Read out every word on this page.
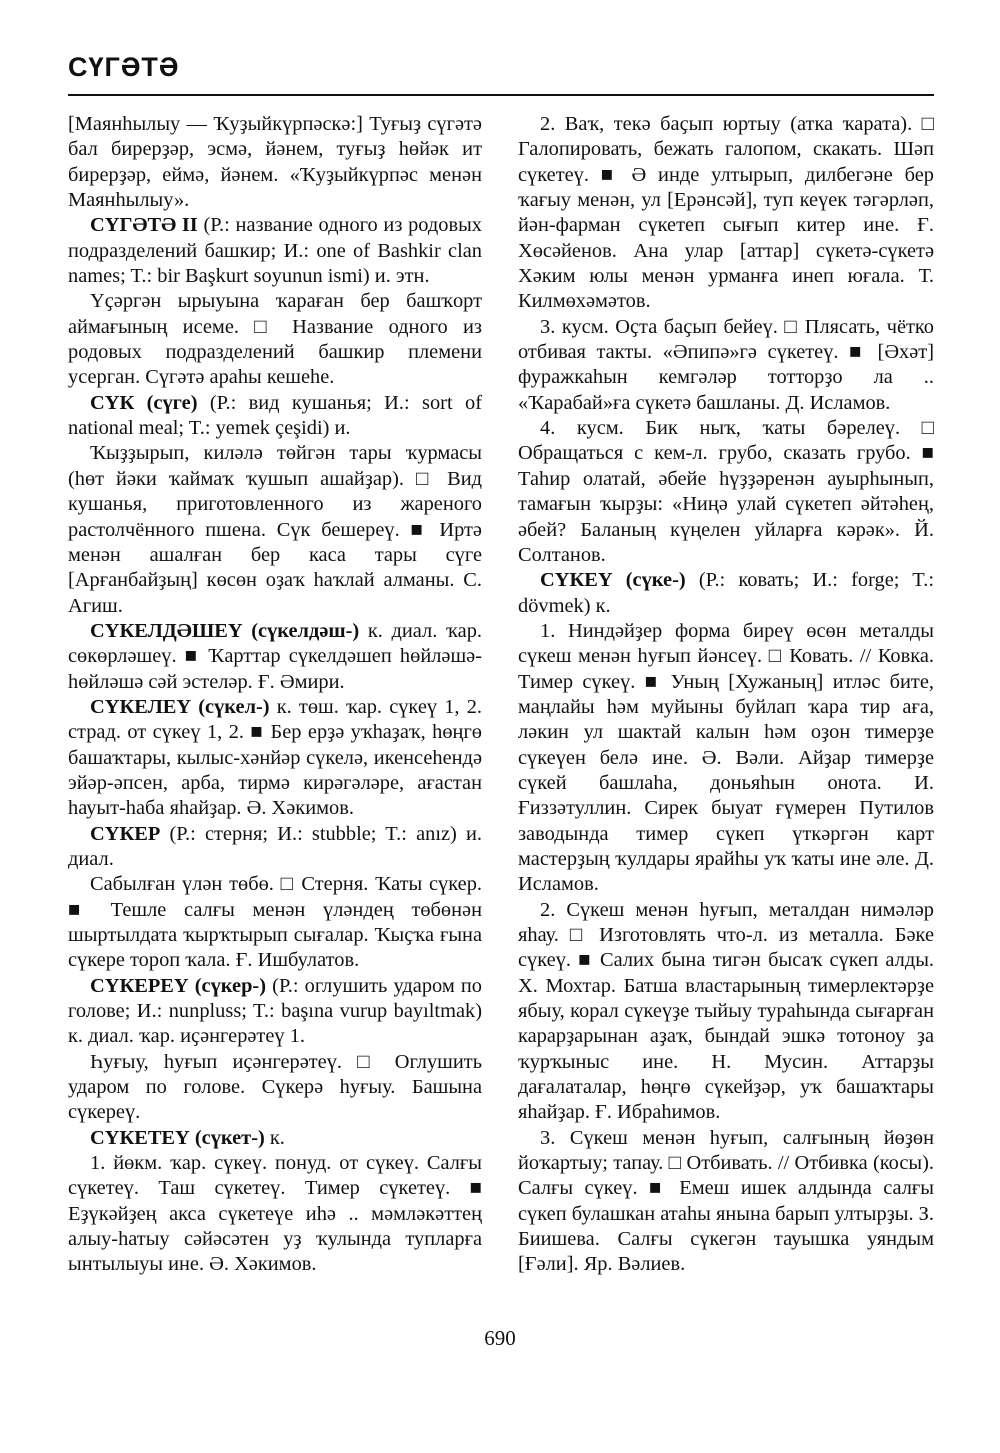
СҮГӘТӘ

[Маянһылыу — Ҡуҙыйкүрпәскә:] Туғыҙ сүгәтә бал бирерҙәр, эсмә, йәнем, туғыҙ һөйәк ит бирерҙәр, еймә, йәнем. «Ҡуҙыйкүрпәс менән Маянһылыу».

СҮГӘТӘ II (Р.: название одного из родовых подразделений башкир; И.: one of Bashkir clan names; T.: bir Başkurt soyunun ismi) и. этн.

Үҫәргән ырыуына ҡараған бер башҡорт аймағының исеме. □ Название одного из родовых подразделений башкир племени усерган. Сүгәтә араһы кешеһе.

СҮК (сүге) (Р.: вид кушанья; И.: sort of national meal; T.: yemek çeşidi) и.

Ҡыҙҙырып, киләлә төйгән тары ҡурмасы (һөт йәки ҡаймаҡ ҡушып ашайҙар). □ Вид кушанья, приготовленного из жареного растолчённого пшена. Сүк бешереү. ■ Иртә менән ашалған бер каса тары сүге [Арғанбайҙың] көсөн оҙаҡ һаҡлай алманы. С. Агиш.

СҮКЕЛДӘШЕҮ (сүкелдәш-) к. диал. ҡар. сөкөрләшеү. ■ Ҡарттар сүкелдәшеп һөйләшә-һөйләшә сәй эстеләр. Ғ. Әмири.

СҮКЕЛЕҮ (сүкел-) к. төш. ҡар. сүкеү 1, 2. страд. от сүкеү 1, 2. ■ Бер ерҙә уҡһаҙаҡ, һөңгө башаҡтары, кылыс-хәнйәр сүкелә, икенсеһендә эйәр-әпсен, арба, тирмә кирәгәләре, ағастан һауыт-һаба яһайҙар. Ә. Хәкимов.

СҮКЕР (Р.: стерня; И.: stubble; T.: anız) и. диал.

Сабылған үлән төбө. □ Стерня. Ҡаты сүкер. ■ Тешле салғы менән үләндең төбөнән шыртылдата ҡырҡтырып сығалар. Ҡыҫҡа ғына сүкере тороп ҡала. Ғ. Ишбулатов.

СҮКЕРЕҮ (сүкер-) (Р.: оглушить ударом по голове; И.: nunpluss; T.: başına vurup bayıltmak) к. диал. ҡар. иҫәнгерәтеү 1.

Һуғыу, һуғып иҫәнгерәтеү. □ Оглушить ударом по голове. Сүкерә һуғыу. Башына сүкереү.

СҮКЕТЕҮ (сүкет-) к.

1. йөкм. ҡар. сүкеү. понуд. от сүкеү. Салғы сүкетеү. Таш сүкетеү. Тимер сүкетеү. ■ Еҙүкәйҙең акса сүкетеүе иһә .. мәмләкәттең алыу-һатыу сәйәсәтен уҙ ҡулында тупларға ынтылыуы ине. Ә. Хәкимов.

2. Ваҡ, текә баҫып юртыу (атка ҡарата). □ Галопировать, бежать галопом, скакать. Шәп сүкетеү. ■ Ә инде ултырып, дилбегәне бер ҡағыу менән, ул [Ерәнсәй], туп кеүек тәгәрләп, йән-фарман сүкетеп сығып китер ине. Ғ. Хөсәйенов. Ана улар [аттар] сүкетә-сүкетә Хәким юлы менән урманға инеп юғала. Т. Килмөхәмәтов.

3. кусм. Оҫта баҫып бейеү. □ Плясать, чётко отбивая такты. «Әпипә»гә сүкетеү. ■ [Әхәт] фуражкаһын кемгәләр тотторҙо ла .. «Ҡарабай»ға сүкетә башланы. Д. Исламов.

4. кусм. Бик ныҡ, ҡаты бәрелеү. □ Обращаться с кем-л. грубо, сказать грубо. ■ Таһир олатай, әбейе һүҙҙәренән ауырһынып, тамағын ҡырҙы: «Ниңә улай сүкетеп әйтәһең, әбей? Баланың күңелен уйларға кәрәк». Й. Солтанов.

СҮКЕҮ (сүке-) (Р.: ковать; И.: forge; T.: dövmek) к.

1. Ниндәйҙер форма биреү өсөн металды сүкеш менән һуғып йәнсеү. □ Ковать. // Ковка. Тимер сүкеү. ■ Уның [Хужаның] итләс бите, маңлайы һәм муйыны буйлап ҡара тир аға, ләкин ул шактай калын һәм оҙон тимерҙе сүкеүен белә ине. Ә. Вәли. Айҙар тимерҙе сүкей башлаһа, доньяһын онота. И. Ғиззәтуллин. Сирек быуат ғүмерен Путилов заводында тимер сүкеп үткәргән карт мастерҙың ҡулдары ярайһы уҡ ҡаты ине әле. Д. Исламов.

2. Сүкеш менән һуғып, металдан нимәләр яһау. □ Изготовлять что-л. из металла. Бәке сүкеү. ■ Салих бына тигән бысаҡ сүкеп алды. Х. Мохтар. Батша властарының тимерлектәрҙе ябыу, корал сүкеүҙе тыйыу тураһында сығарған карарҙарынан аҙаҡ, бындай эшкә тотоноу ҙа ҡурҡыныс ине. Н. Мусин. Аттарҙы дағалаталар, һөңгө сүкейҙәр, уҡ башаҡтары яһайҙар. Ғ. Ибраһимов.

3. Сүкеш менән һуғып, салғының йөҙөн йоҡартыу; тапау. □ Отбивать. // Отбивка (косы). Салғы сүкеү. ■ Емеш ишек алдында салғы сүкеп булашкан атаһы янына барып ултырҙы. З. Биишева. Салғы сүкегән тауышка уяндым [Ғәли]. Яр. Вәлиев.

690
